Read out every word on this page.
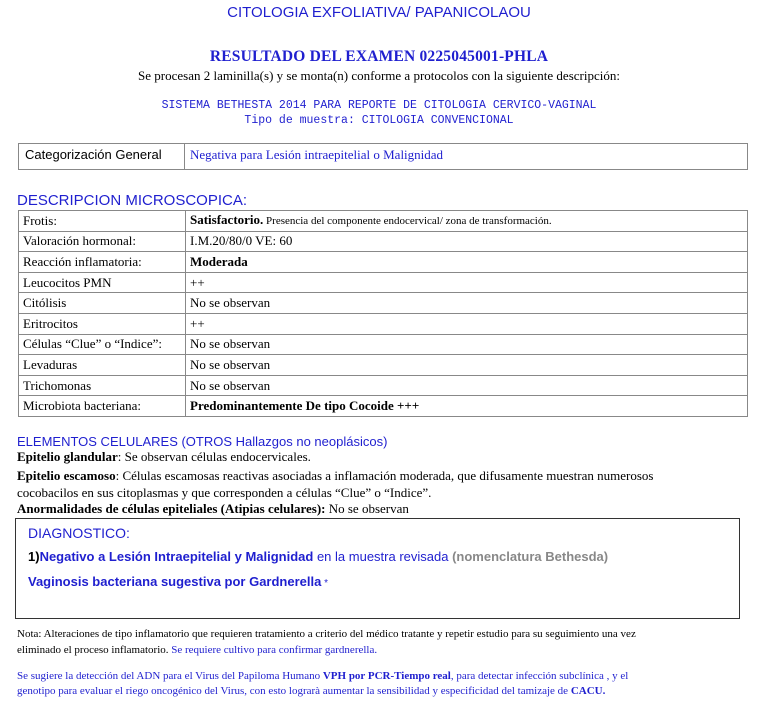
CITOLOGIA EXFOLIATIVA/ PAPANICOLAOU
RESULTADO DEL EXAMEN 0225045001-PHLA
Se procesan 2 laminilla(s) y se monta(n) conforme a protocolos con la siguiente descripción:
SISTEMA BETHESTA 2014 PARA REPORTE DE CITOLOGIA CERVICO-VAGINAL
Tipo de muestra: CITOLOGIA CONVENCIONAL
Categorización General	Negativa para Lesión intraepitelial o Malignidad
DESCRIPCION MICROSCOPICA:
Frotis:	Satisfactorio. Presencia del componente endocervical/ zona de transformación.
Valoración hormonal:	I.M.20/80/0 VE: 60
Reacción inflamatoria:	Moderada
Leucocitos PMN	++
Citólisis	No se observan
Eritrocitos	++
Células “Clue” o “Indice”:	No se observan
Levaduras	No se observan
Trichomonas	No se observan
Microbiota bacteriana:	Predominantemente De tipo Cocoide +++
ELEMENTOS CELULARES (OTROS Hallazgos no neoplásicos)
Epitelio glandular: Se observan células endocervicales.
Epitelio escamoso: Células escamosas reactivas asociadas a inflamación moderada, que difusamente muestran numerosos
cocobacilos en sus citoplasmas y que corresponden a células “Clue” o “Indice”.
Anormalidades de células epiteliales (Atipias celulares): No se observan
DIAGNOSTICO:
1)Negativo a Lesión Intraepitelial y Malignidad en la muestra revisada (nomenclatura Bethesda)
Vaginosis bacteriana sugestiva por Gardnerella *
Nota: Alteraciones de tipo inflamatorio que requieren tratamiento a criterio del médico tratante y repetir estudio para su seguimiento una vez
eliminado el proceso inflamatorio. Se requiere cultivo para confirmar gardnerella.
Se sugiere la detección del ADN para el Virus del Papiloma Humano VPH por PCR-Tiempo real, para detectar infección subclínica , y el
genotipo para evaluar el riego oncogénico del Virus, con esto lograrà aumentar la sensibilidad y especificidad del tamizaje de CACU.
